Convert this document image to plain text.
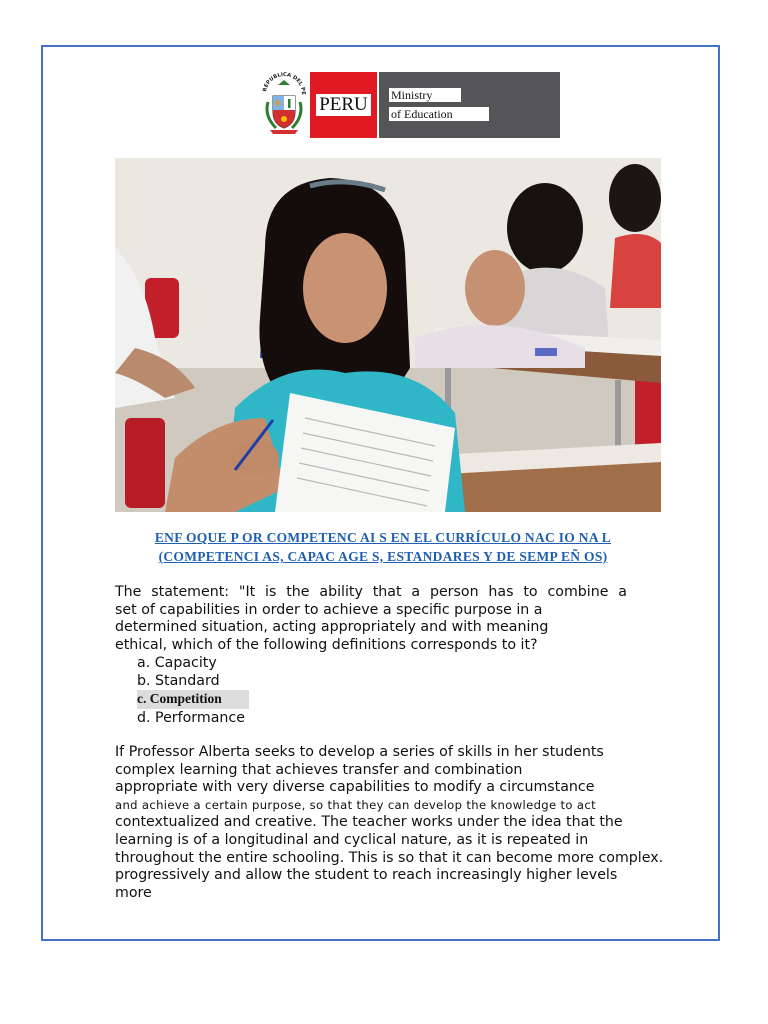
REPUBLICA DEL PE
PERU Ministry
of Education
ENF OQUE P OR COMPETENC AI S EN EL CURRÍCULO NAC IO NA L
(COMPETENCI AS, CAPAC AGE S, ESTANDARES Y DE SEMP EÑ OS)
The statement: "It is the ability that a person has to combine a
set of capabilities in order to achieve a specific purpose in a
determined situation, acting appropriately and with meaning
ethical, which of the following definitions corresponds to it?
a. Capacity
b. Standard
c. Competition
d. Performance
If Professor Alberta seeks to develop a series of skills in her students
complex learning that achieves transfer and combination
appropriate with very diverse capabilities to modify a circumstance
and achieve a certain purpose, so that they can develop the knowledge to act
contextualized and creative. The teacher works under the idea that the
learning is of a longitudinal and cyclical nature, as it is repeated in
throughout the entire schooling. This is so that it can become more complex.
progressively and allow the student to reach increasingly higher levels
more
